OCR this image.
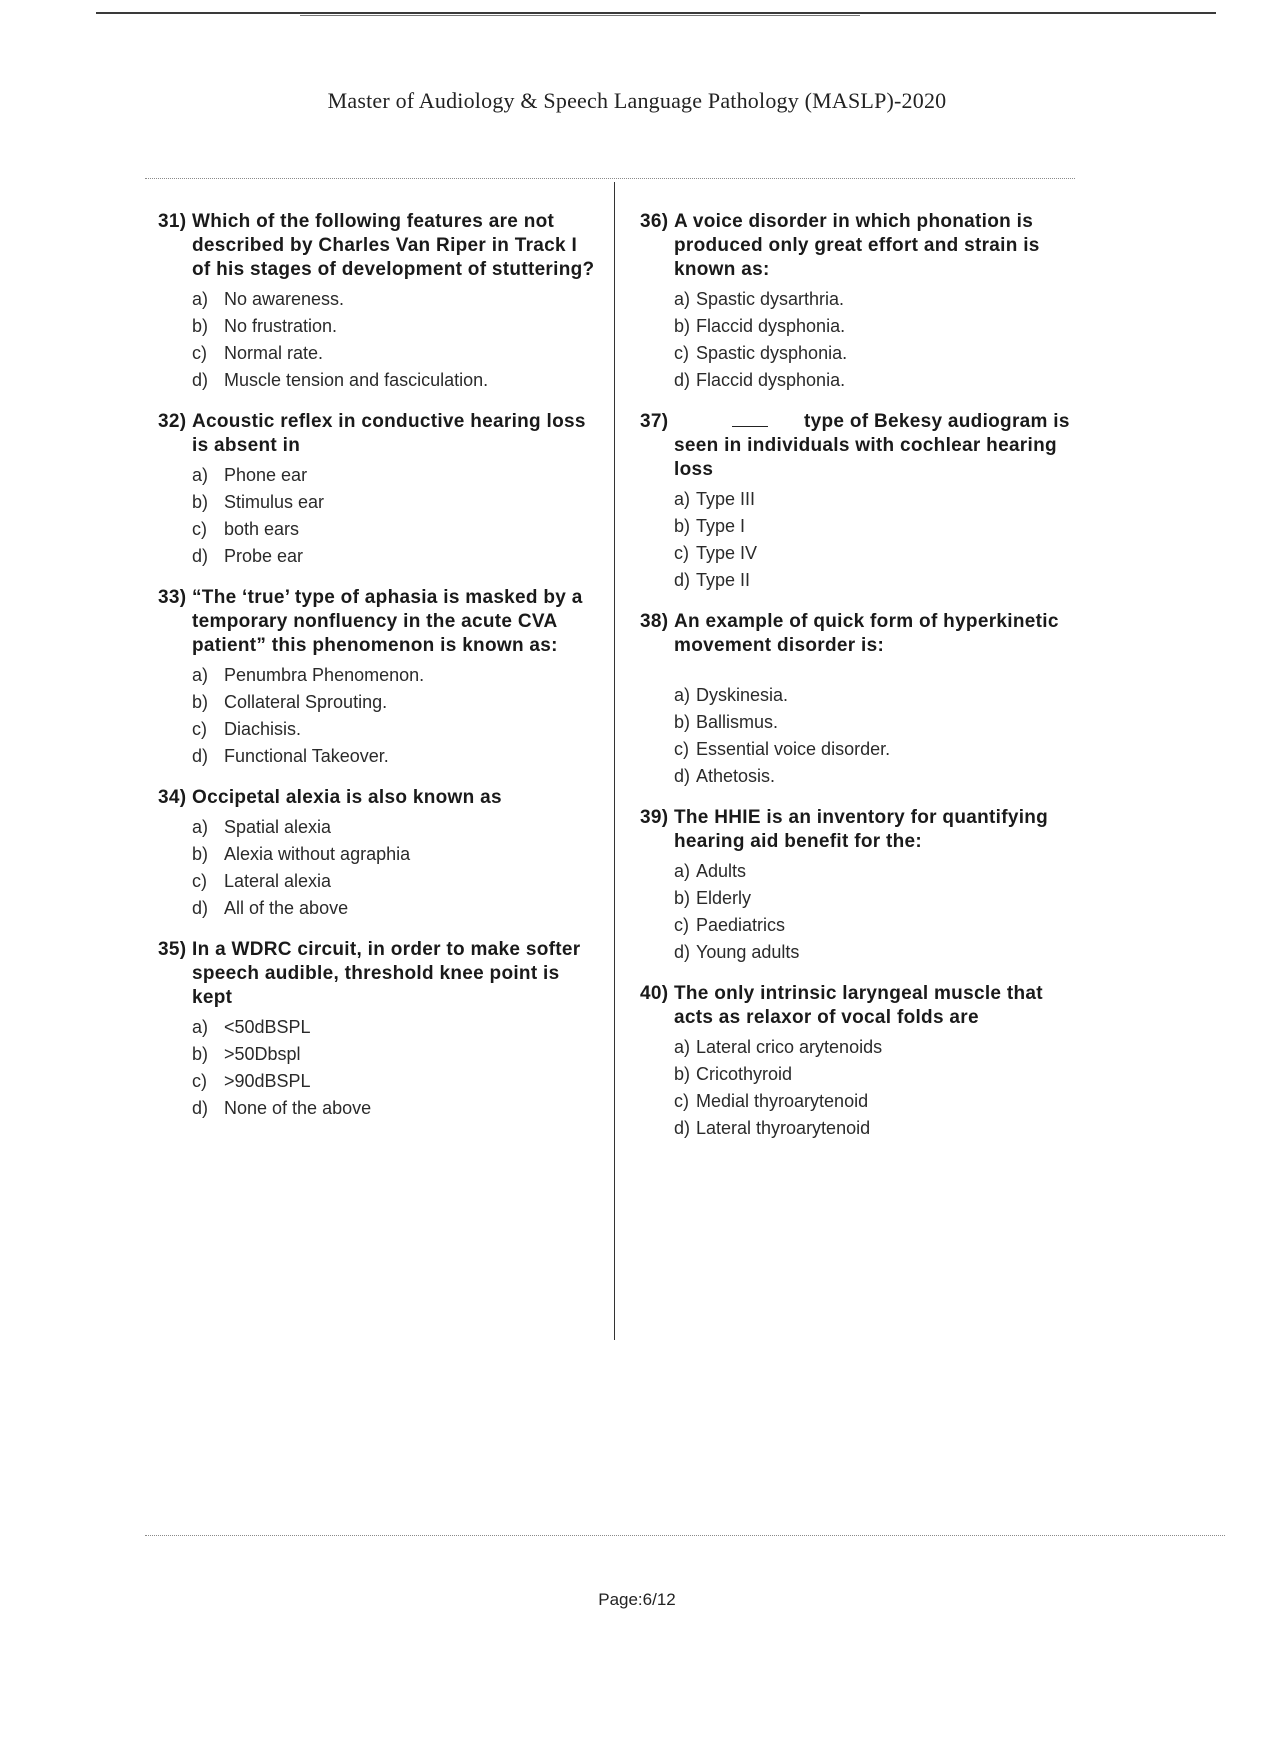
Master of Audiology & Speech Language Pathology (MASLP)-2020
31) Which of the following features are not described by Charles Van Riper in Track I of his stages of development of stuttering?
a) No awareness.
b) No frustration.
c) Normal rate.
d) Muscle tension and fasciculation.
32) Acoustic reflex in conductive hearing loss is absent in
a) Phone ear
b) Stimulus ear
c) both ears
d) Probe ear
33) “The ‘true’ type of aphasia is masked by a temporary nonfluency in the acute CVA patient” this phenomenon is known as:
a) Penumbra Phenomenon.
b) Collateral Sprouting.
c) Diachisis.
d) Functional Takeover.
34) Occipetal alexia is also known as
a) Spatial alexia
b) Alexia without agraphia
c) Lateral alexia
d) All of the above
35) In a WDRC circuit, in order to make softer speech audible, threshold knee point is kept
a) <50dBSPL
b) >50Dbspl
c) >90dBSPL
d) None of the above
36) A voice disorder in which phonation is produced only great effort and strain is known as:
a) Spastic dysarthria.
b) Flaccid dysphonia.
c) Spastic dysphonia.
d) Flaccid dysphonia.
37)	type of Bekesy audiogram is seen in individuals with cochlear hearing loss
a) Type III
b) Type I
c) Type IV
d) Type II
38) An example of quick form of hyperkinetic movement disorder is:
a) Dyskinesia.
b) Ballismus.
c) Essential voice disorder.
d) Athetosis.
39) The HHIE is an inventory for quantifying hearing aid benefit for the:
a) Adults
b) Elderly
c) Paediatrics
d) Young adults
40) The only intrinsic laryngeal muscle that acts as relaxor of vocal folds are
a) Lateral crico arytenoids
b) Cricothyroid
c) Medial thyroarytenoid
d) Lateral thyroarytenoid
Page:6/12
